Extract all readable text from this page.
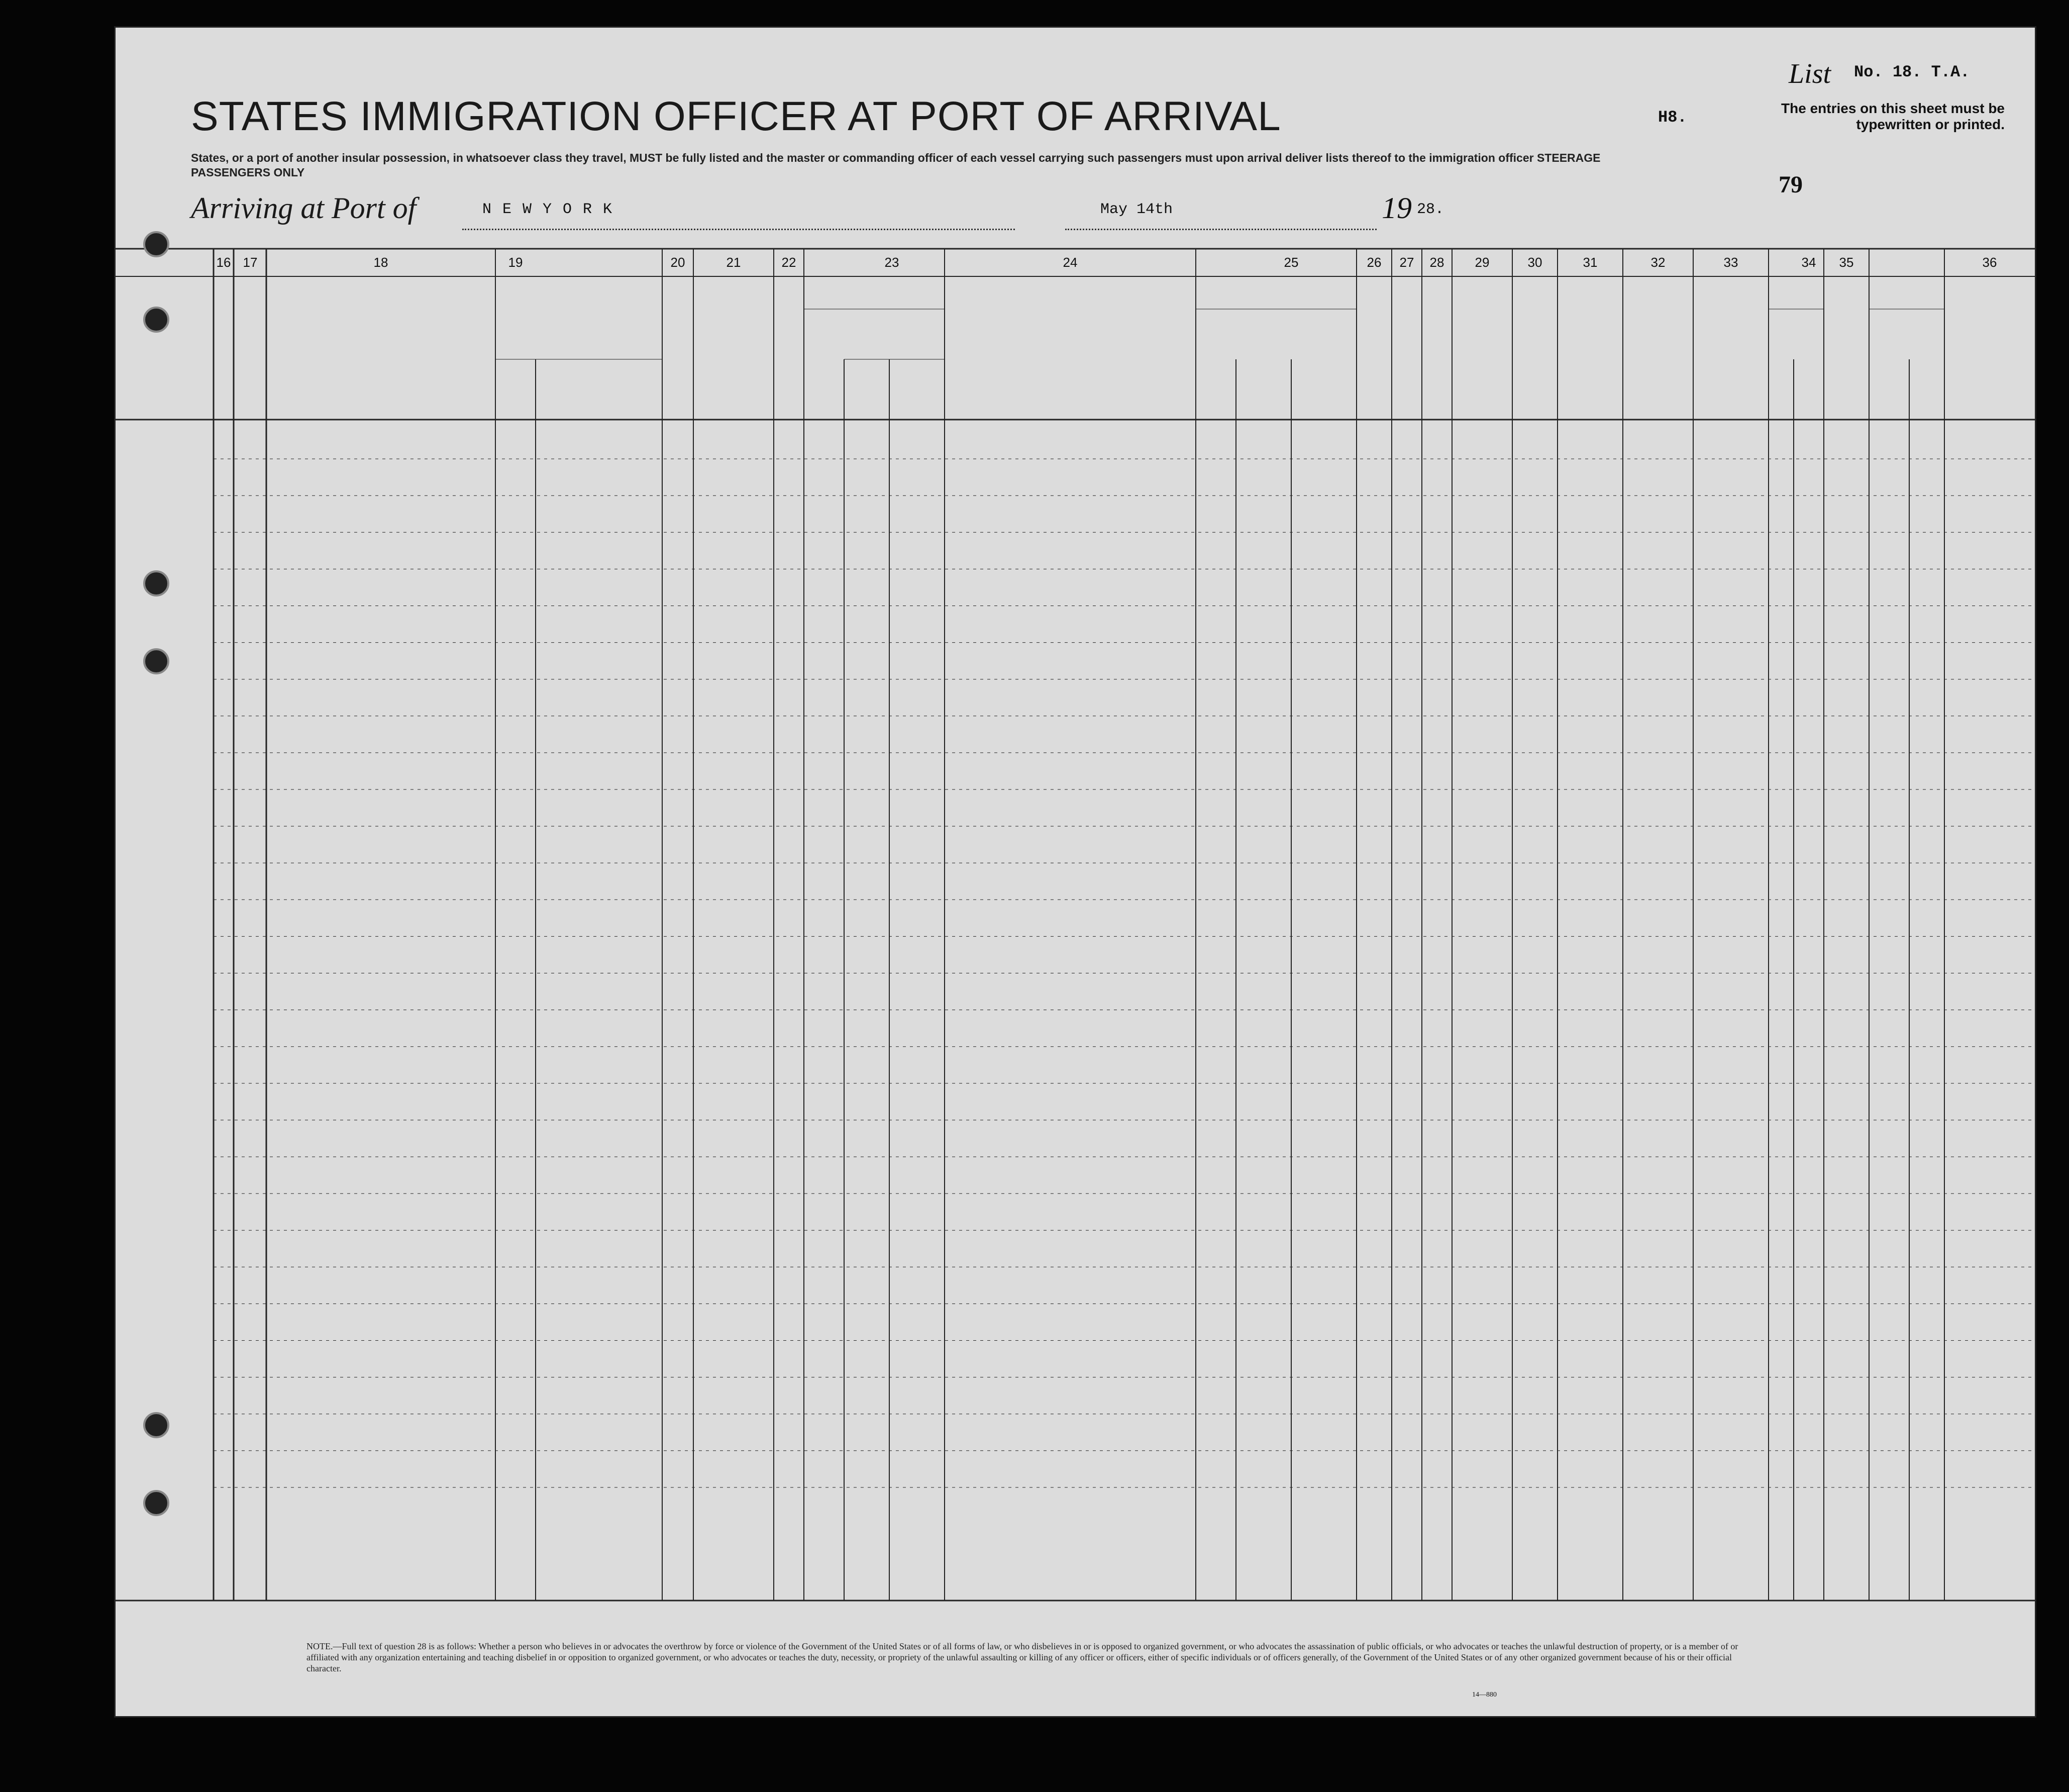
STATES IMMIGRATION OFFICER AT PORT OF ARRIVAL
States, or a port of another insular possession, in whatsoever class they travel, MUST be fully listed and the master or commanding officer of each vessel carrying such passengers must upon arrival deliver lists thereof to the immigration officer STEERAGE PASSENGERS ONLY
Arriving at Port of	N E W Y O R K	May 14th	19 28.
List No. 18. T.A.
H8.	The entries on this sheet must be typewritten or printed.
79
16 17	18	19	20	21	22	23	24	25	26	27	28	29	30	31	32	33	34	35	36
NOTE.—Full text of question 28 is as follows: Whether a person who believes in or advocates the overthrow by force or violence of the Government of the United States or of all forms of law, or who disbelieves in or is opposed to organized government, or who advocates the assassination of public officials, or who advocates or teaches the unlawful destruction of property, or is a member of or affiliated with any organization entertaining and teaching disbelief in or opposition to organized government, or who advocates or teaches the duty, necessity, or propriety of the unlawful assaulting or killing of any officer or officers, either of specific individuals or of officers generally, of the Government of the United States or of any other organized government because of his or their official character.
14—880
